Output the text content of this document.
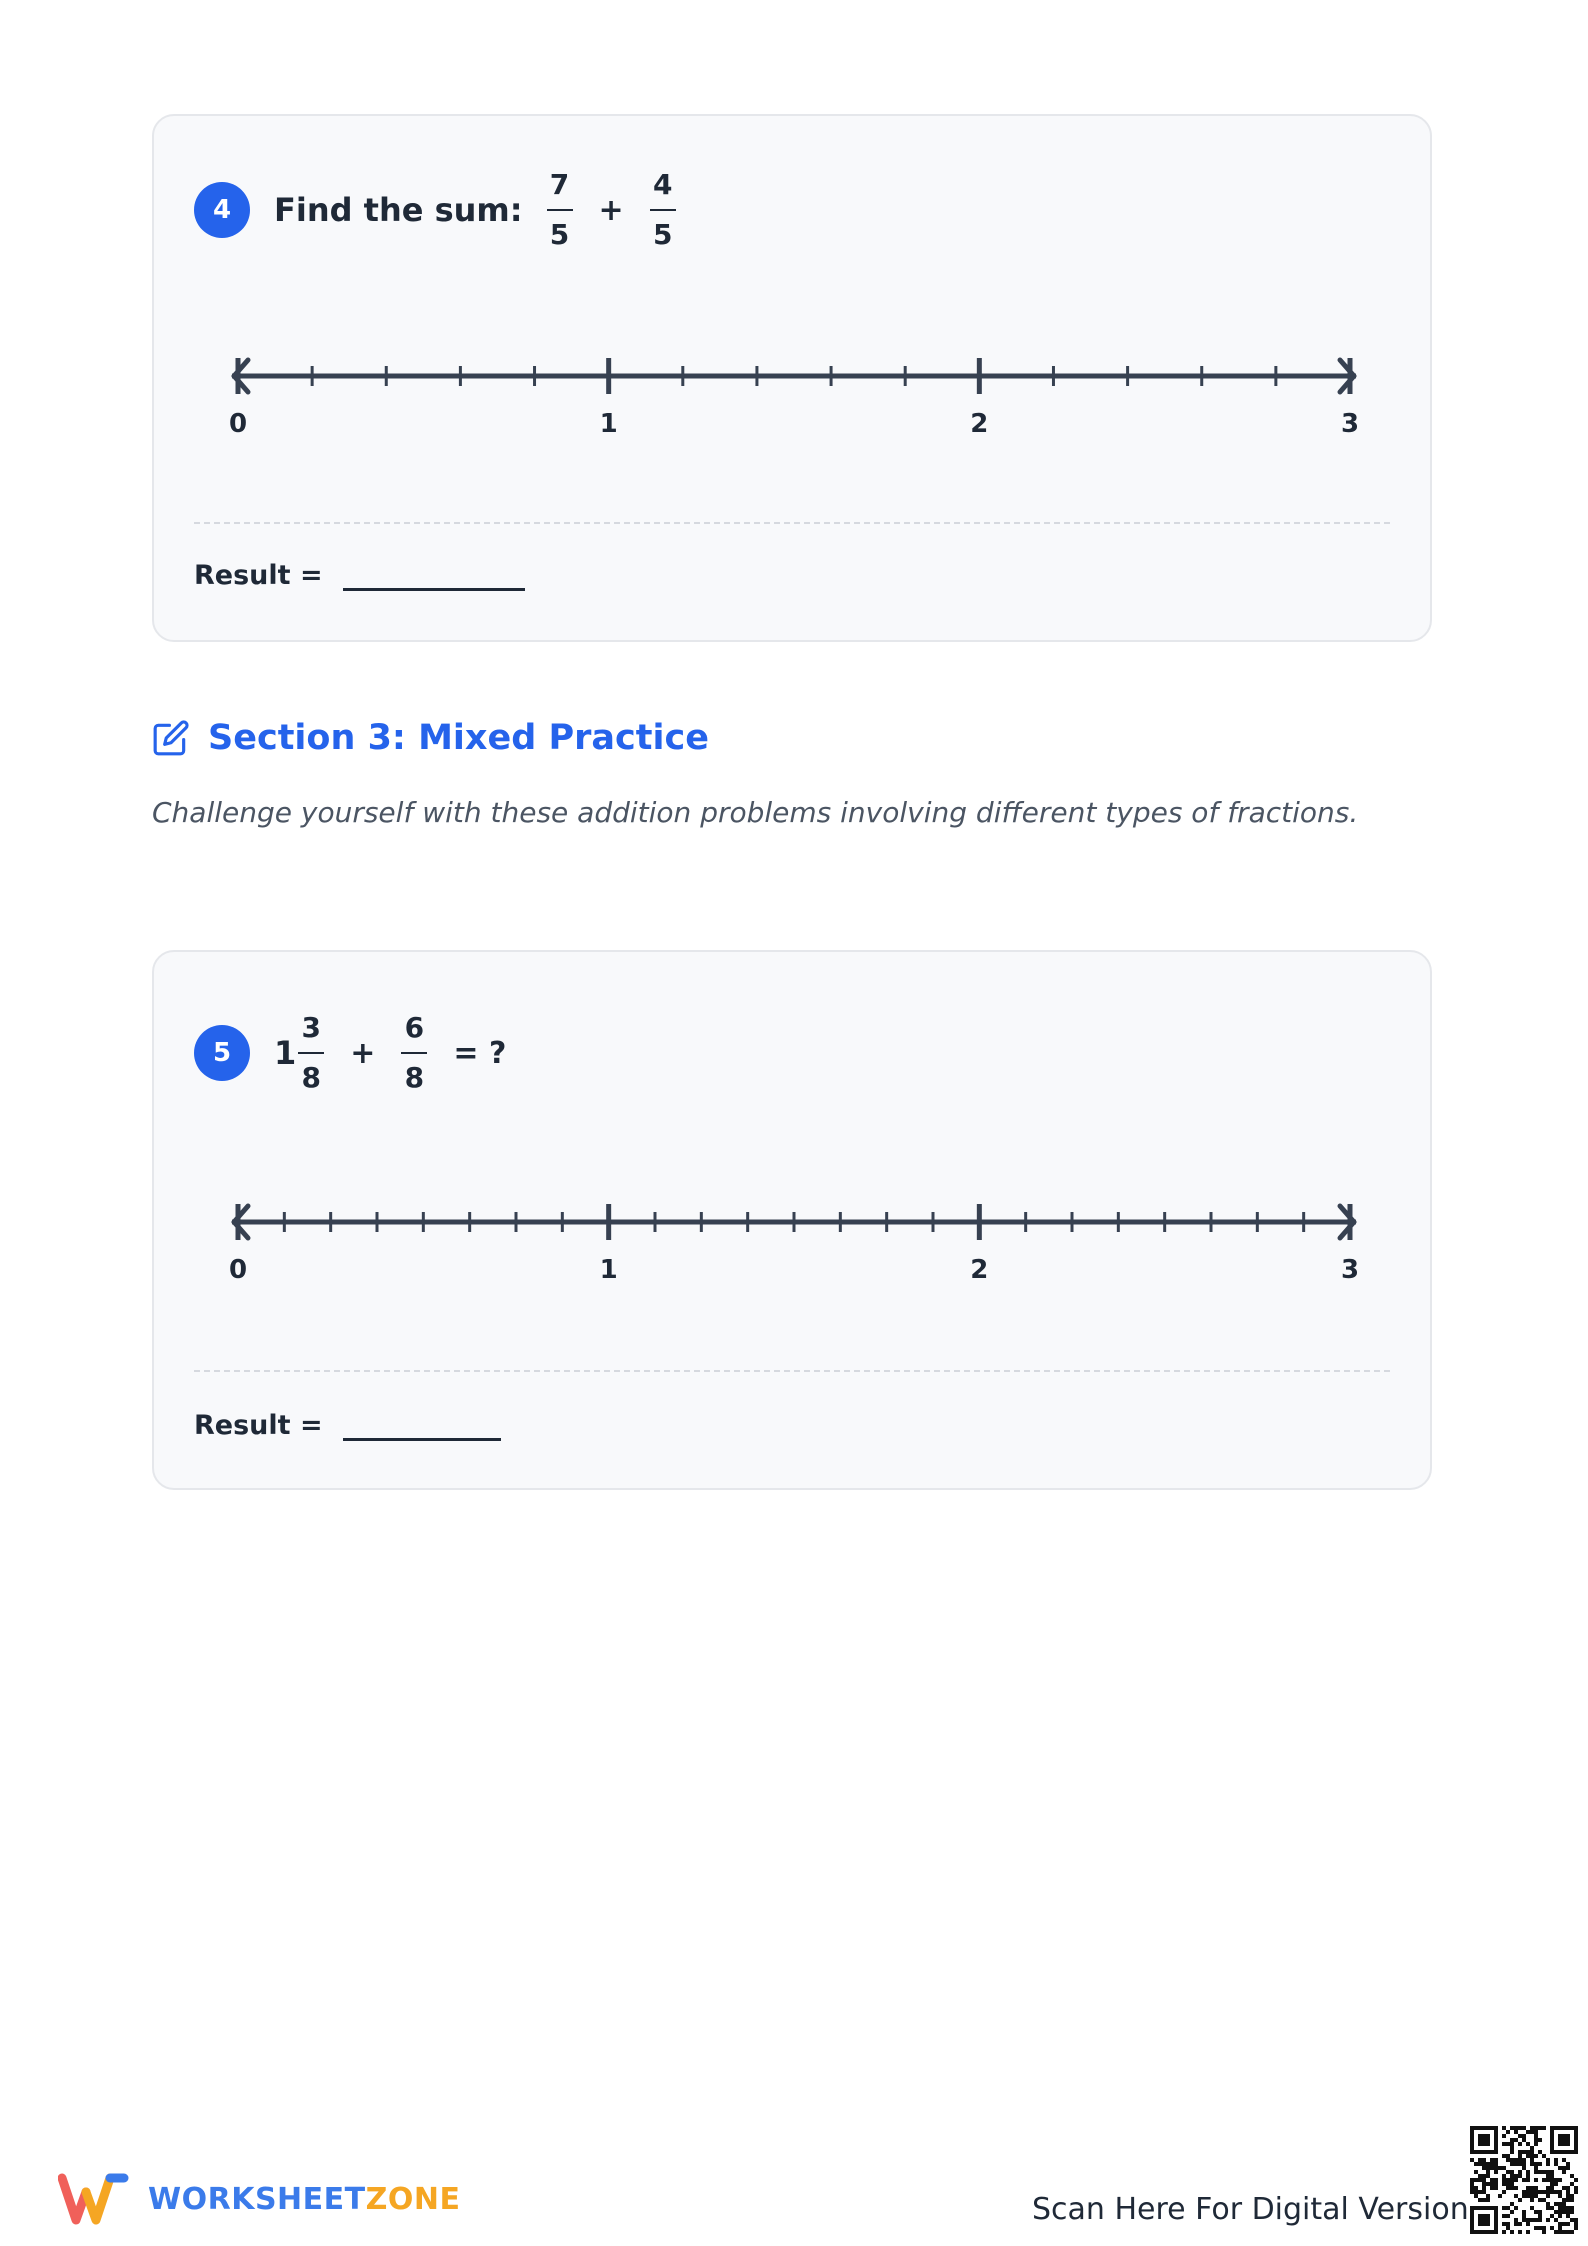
4	Find the sum: $\frac{7}{5} + \frac{4}{5}$
0	1	2	3
Result =
Section 3: Mixed Practice
Challenge yourself with these addition problems involving different types of fractions.
5	$1 \frac{3}{8} + \frac{6}{8}$ = ?
0	1	2	3
Result =
WORKSHEETZONE	Scan Here For Digital Version
